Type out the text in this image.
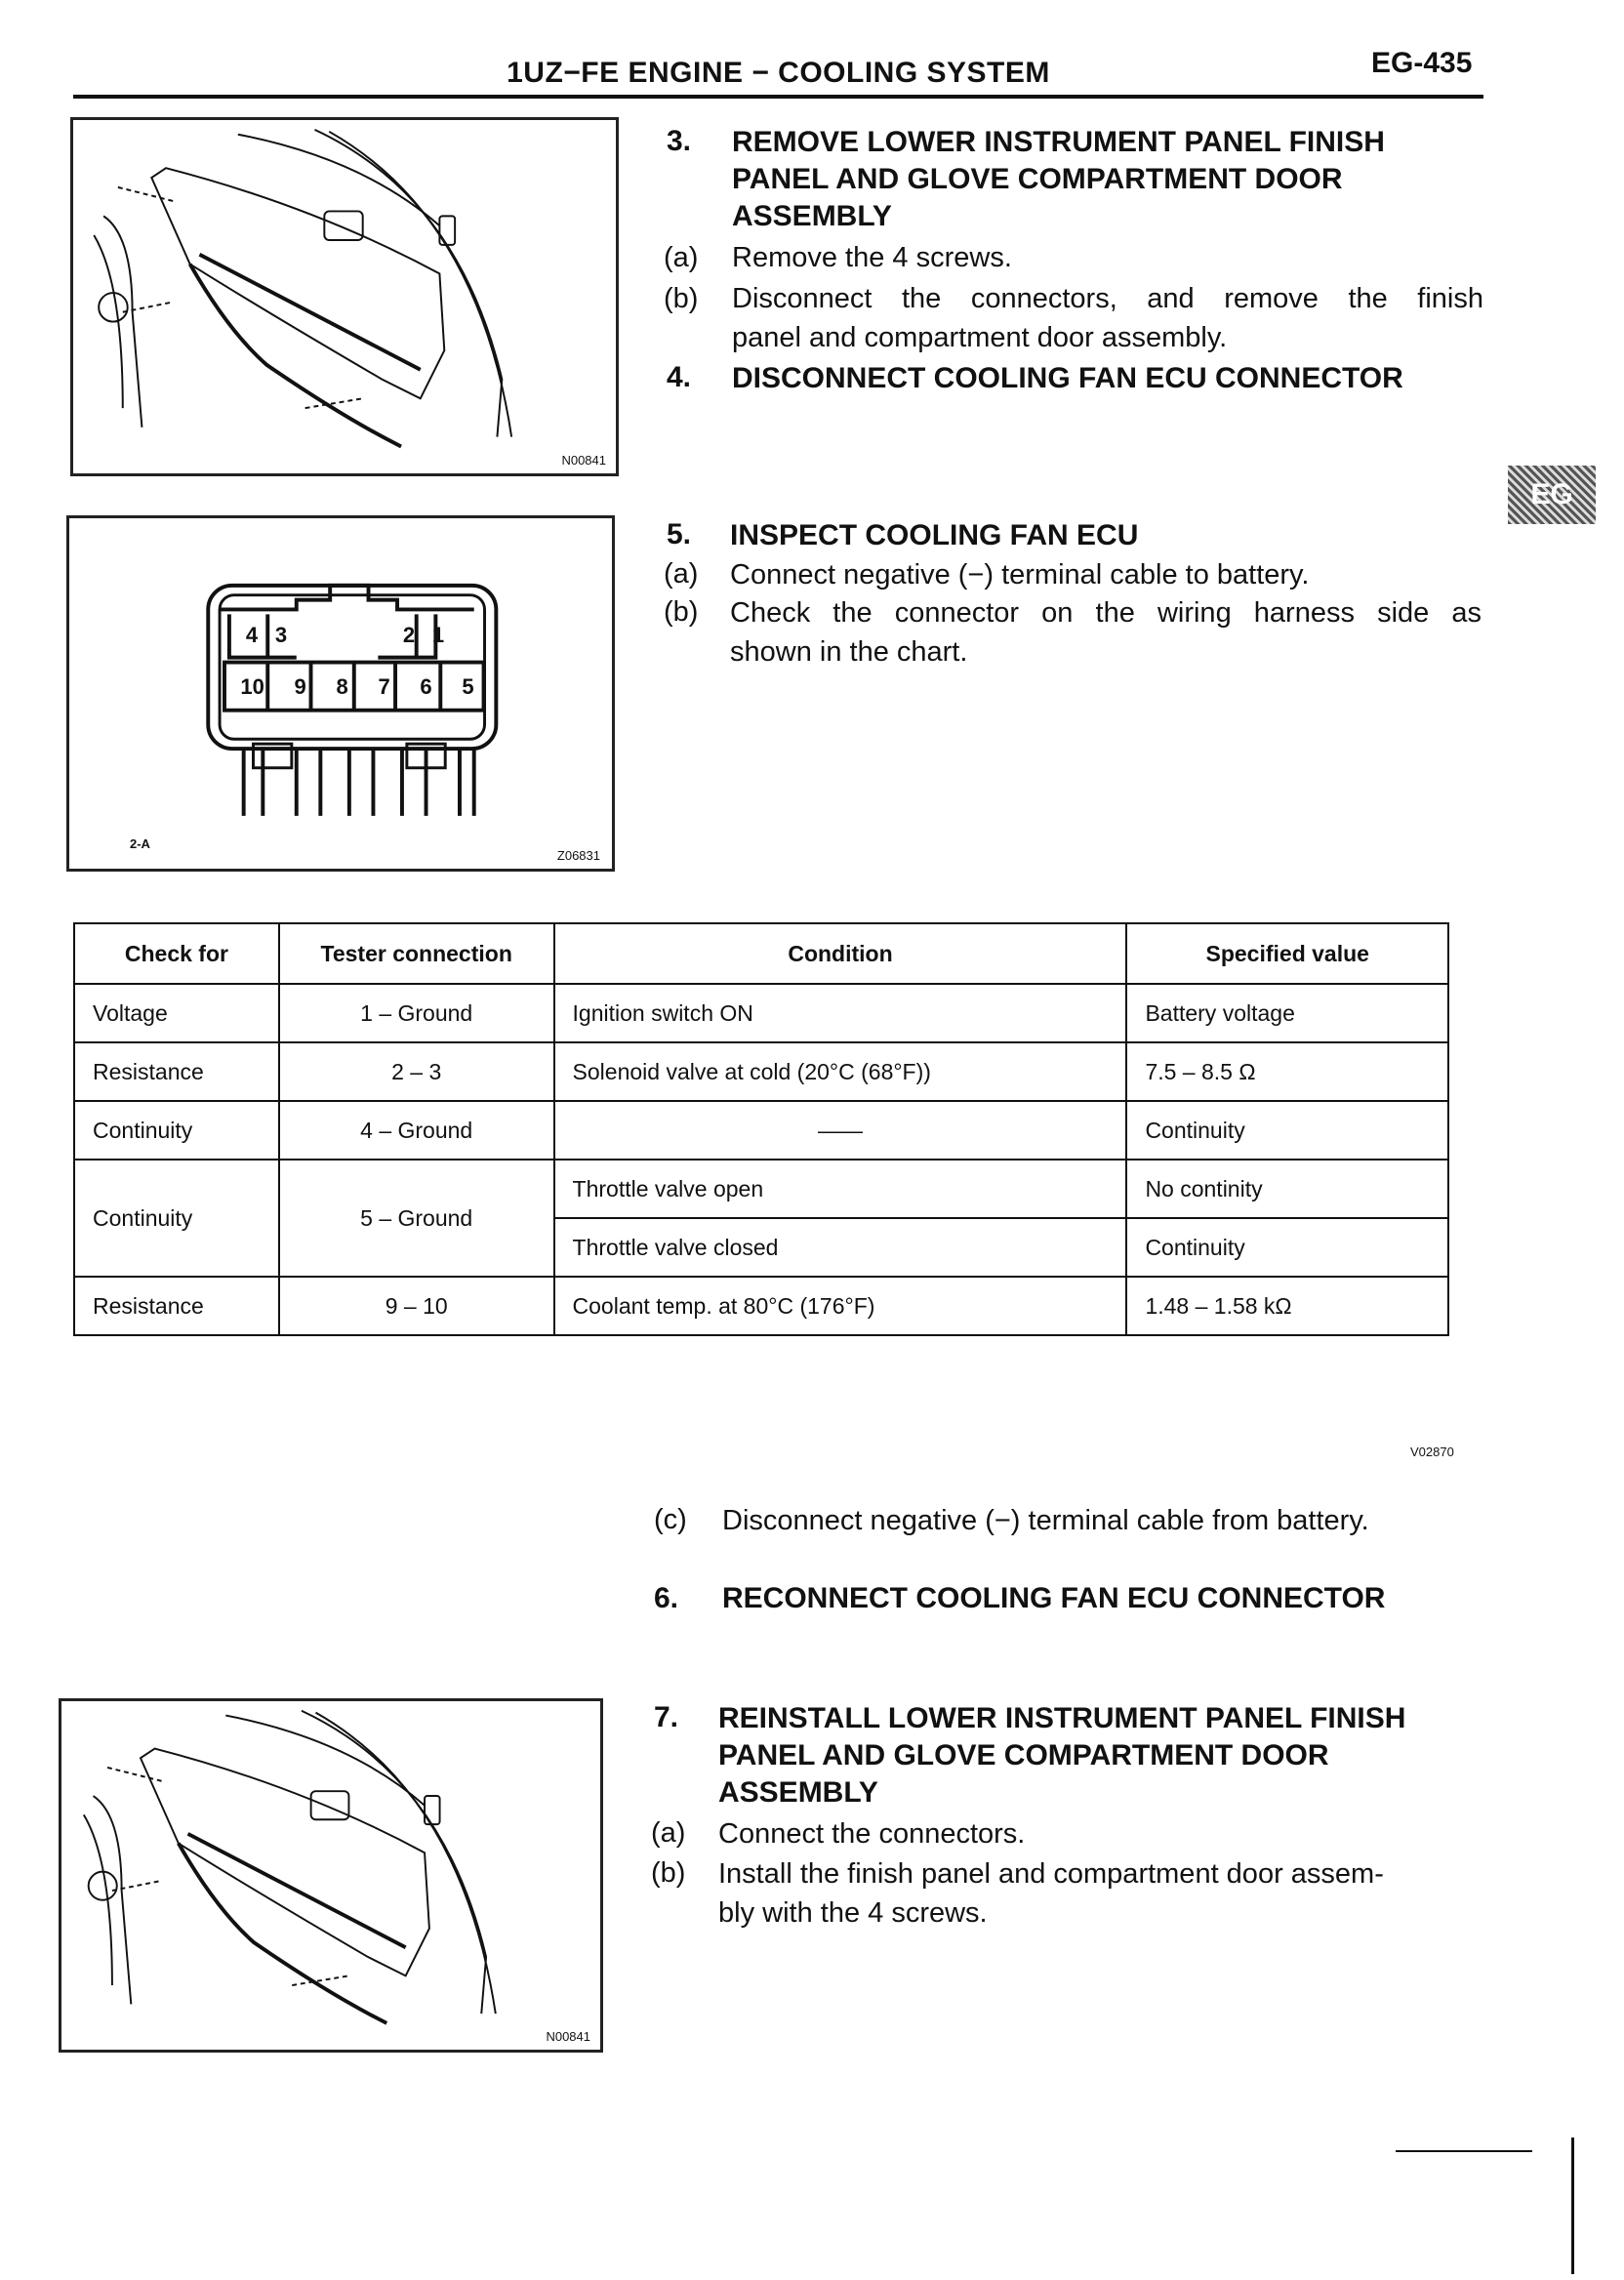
1UZ−FE ENGINE − COOLING SYSTEM	EG-435
EG
N00841
3. REMOVE LOWER INSTRUMENT PANEL FINISH
PANEL AND GLOVE COMPARTMENT DOOR
ASSEMBLY
(a) Remove the 4 screws.
(b) Disconnect the connectors, and remove the finish
panel and compartment door assembly.
4. DISCONNECT COOLING FAN ECU CONNECTOR
4 3	2 1
10 9 8 7 6 5
2-A
Z06831
5. INSPECT COOLING FAN ECU
(a) Connect negative (−) terminal cable to battery.
(b) Check the connector on the wiring harness side as
shown in the chart.
Check for	Tester connection	Condition	Specified value
Voltage	1 – Ground	Ignition switch ON	Battery voltage
Resistance	2 – 3	Solenoid valve at cold (20°C (68°F))	7.5 – 8.5 Ω
Continuity	4 – Ground	——	Continuity
Continuity	5 – Ground	Throttle valve open	No continity
		Throttle valve closed	Continuity
Resistance	9 – 10	Coolant temp. at 80°C (176°F)	1.48 – 1.58 kΩ
V02870
(c) Disconnect negative (−) terminal cable from battery.
6. RECONNECT COOLING FAN ECU CONNECTOR
N00841
7. REINSTALL LOWER INSTRUMENT PANEL FINISH
PANEL AND GLOVE COMPARTMENT DOOR
ASSEMBLY
(a) Connect the connectors.
(b) Install the finish panel and compartment door assem-
bly with the 4 screws.
